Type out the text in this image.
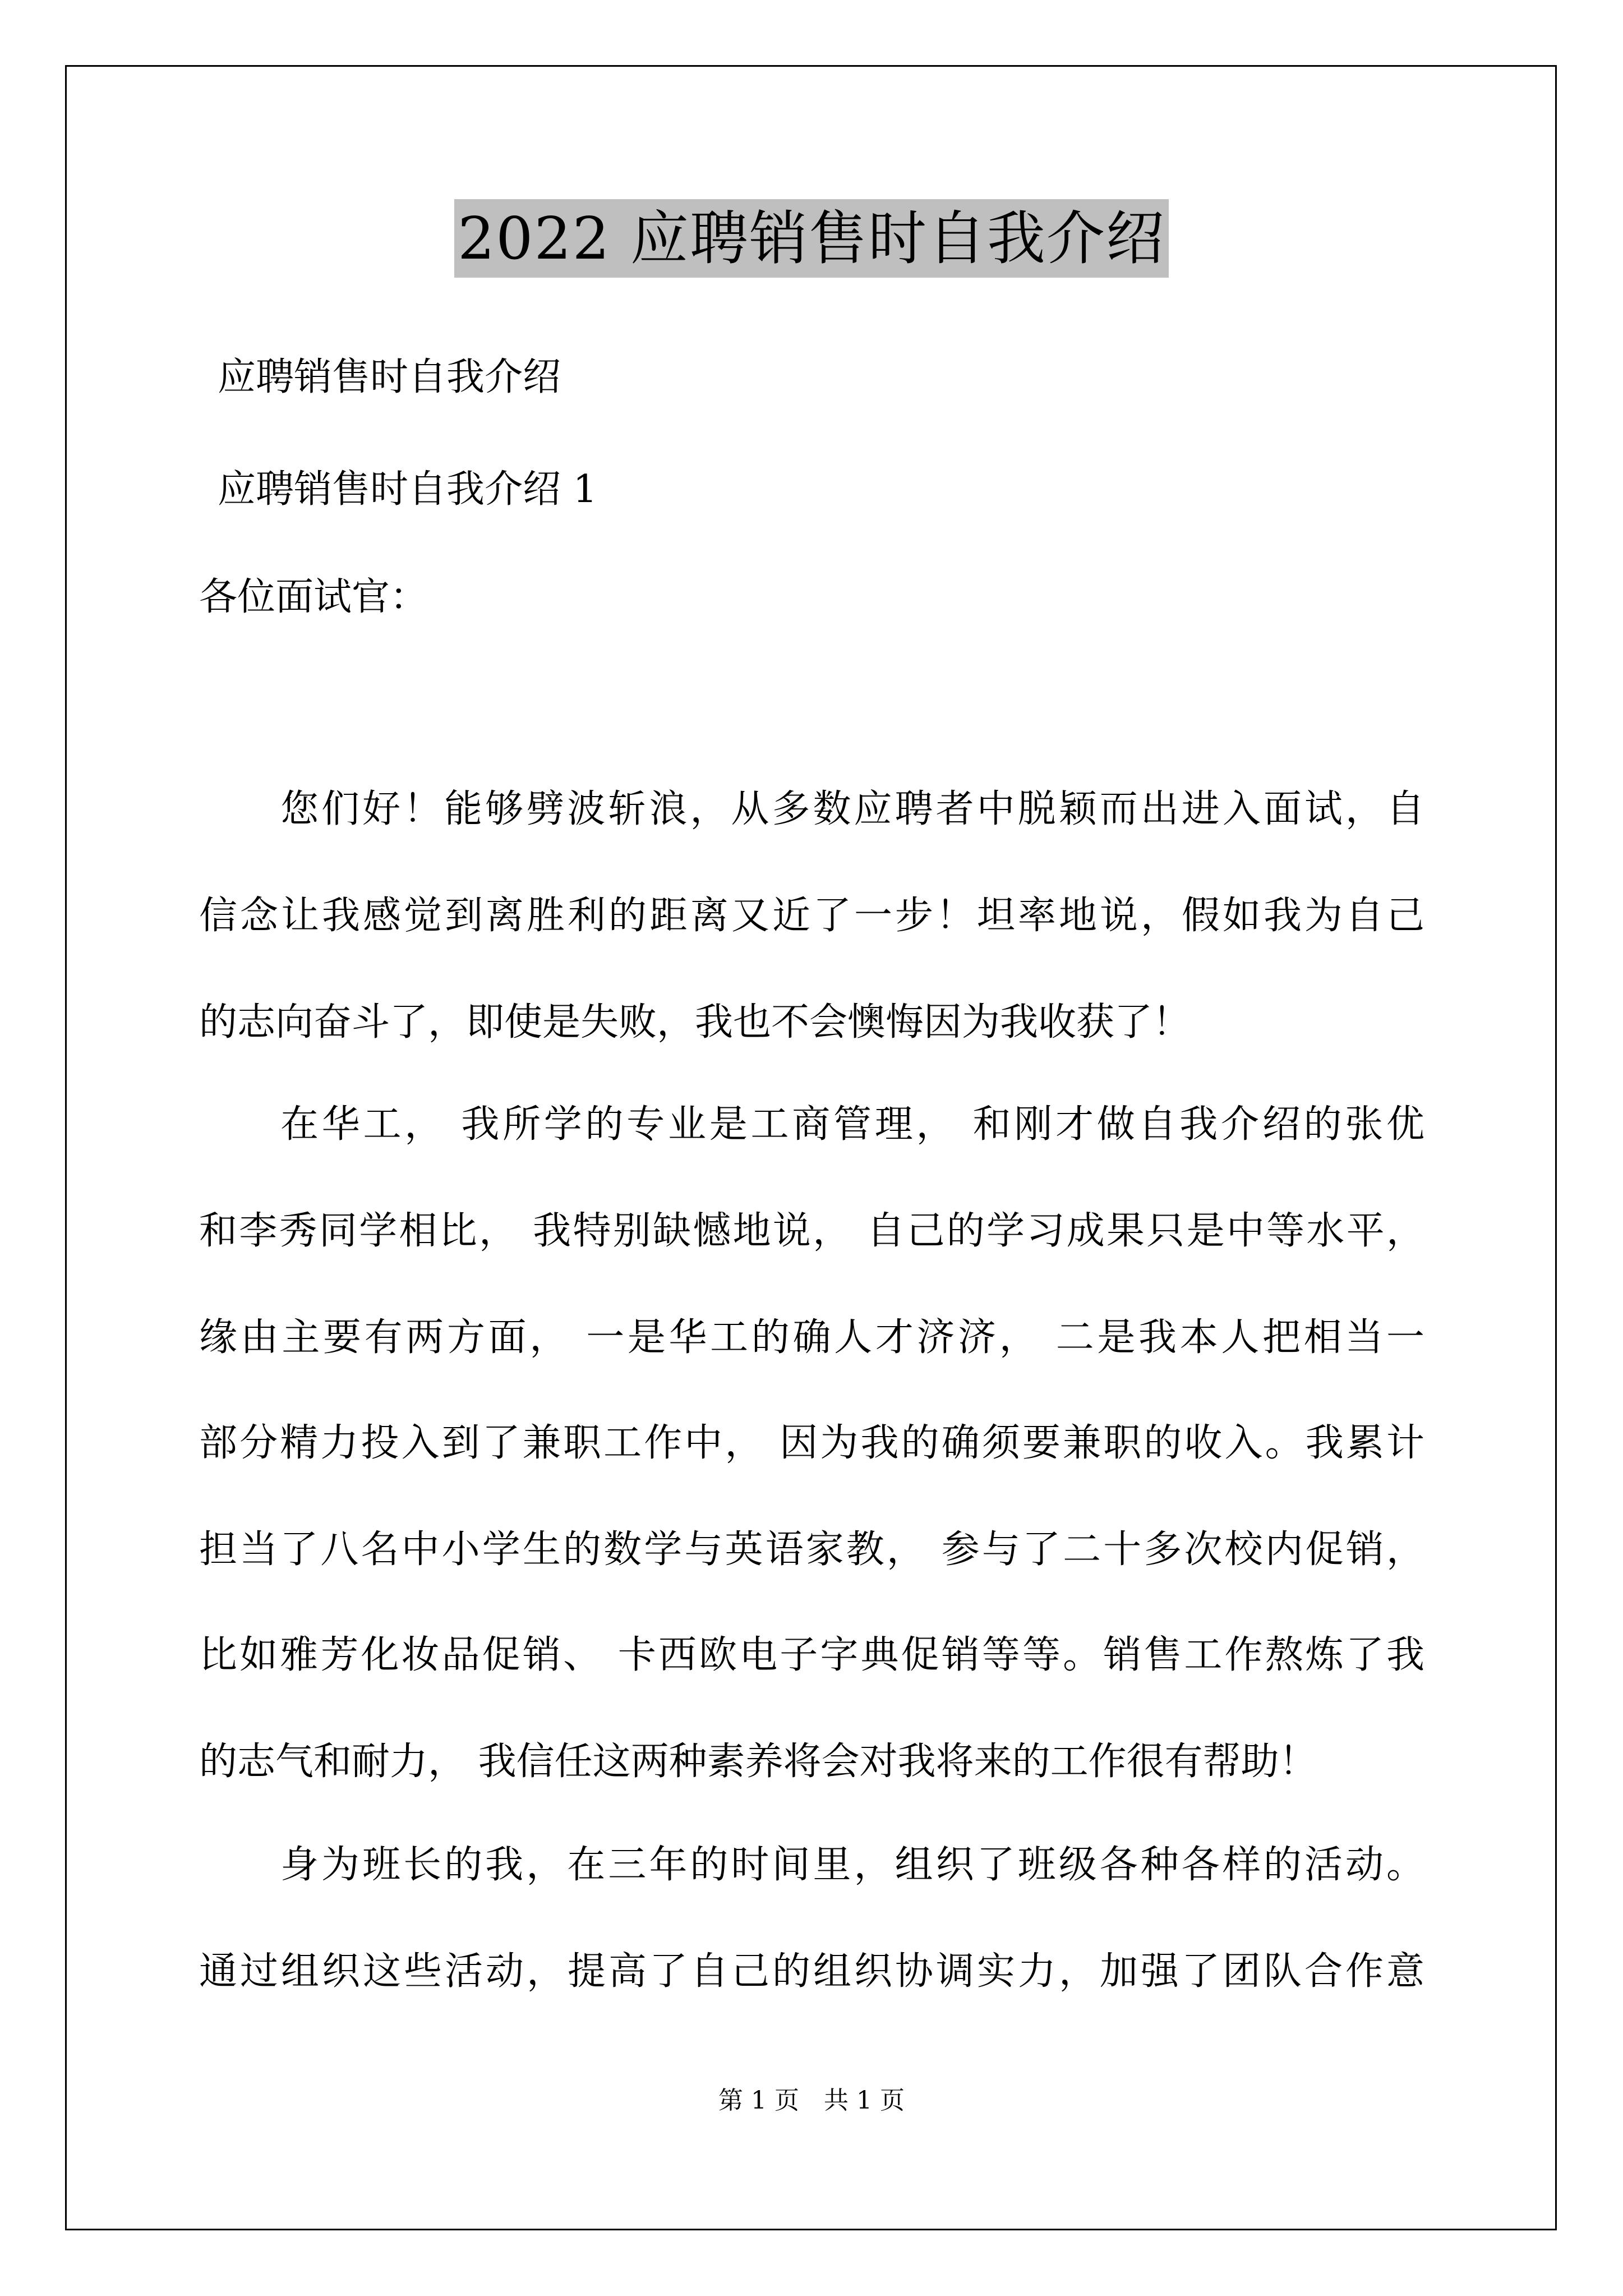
2022 应聘销售时自我介绍
应聘销售时自我介绍
应聘销售时自我介绍 1
各位面试官：
您们好！能够劈波斩浪，从多数应聘者中脱颖而出进入面试，自
信念让我感觉到离胜利的距离又近了一步！坦率地说，假如我为自己
的志向奋斗了，即使是失败，我也不会懊悔因为我收获了！
在华工， 我所学的专业是工商管理， 和刚才做自我介绍的张优
和李秀同学相比， 我特别缺憾地说， 自己的学习成果只是中等水平，
缘由主要有两方面， 一是华工的确人才济济， 二是我本人把相当一
部分精力投入到了兼职工作中， 因为我的确须要兼职的收入。我累计
担当了八名中小学生的数学与英语家教， 参与了二十多次校内促销，
比如雅芳化妆品促销、 卡西欧电子字典促销等等。销售工作熬炼了我
的志气和耐力， 我信任这两种素养将会对我将来的工作很有帮助！
身为班长的我，在三年的时间里，组织了班级各种各样的活动。
通过组织这些活动，提高了自己的组织协调实力，加强了团队合作意
第 1 页　共 1 页
